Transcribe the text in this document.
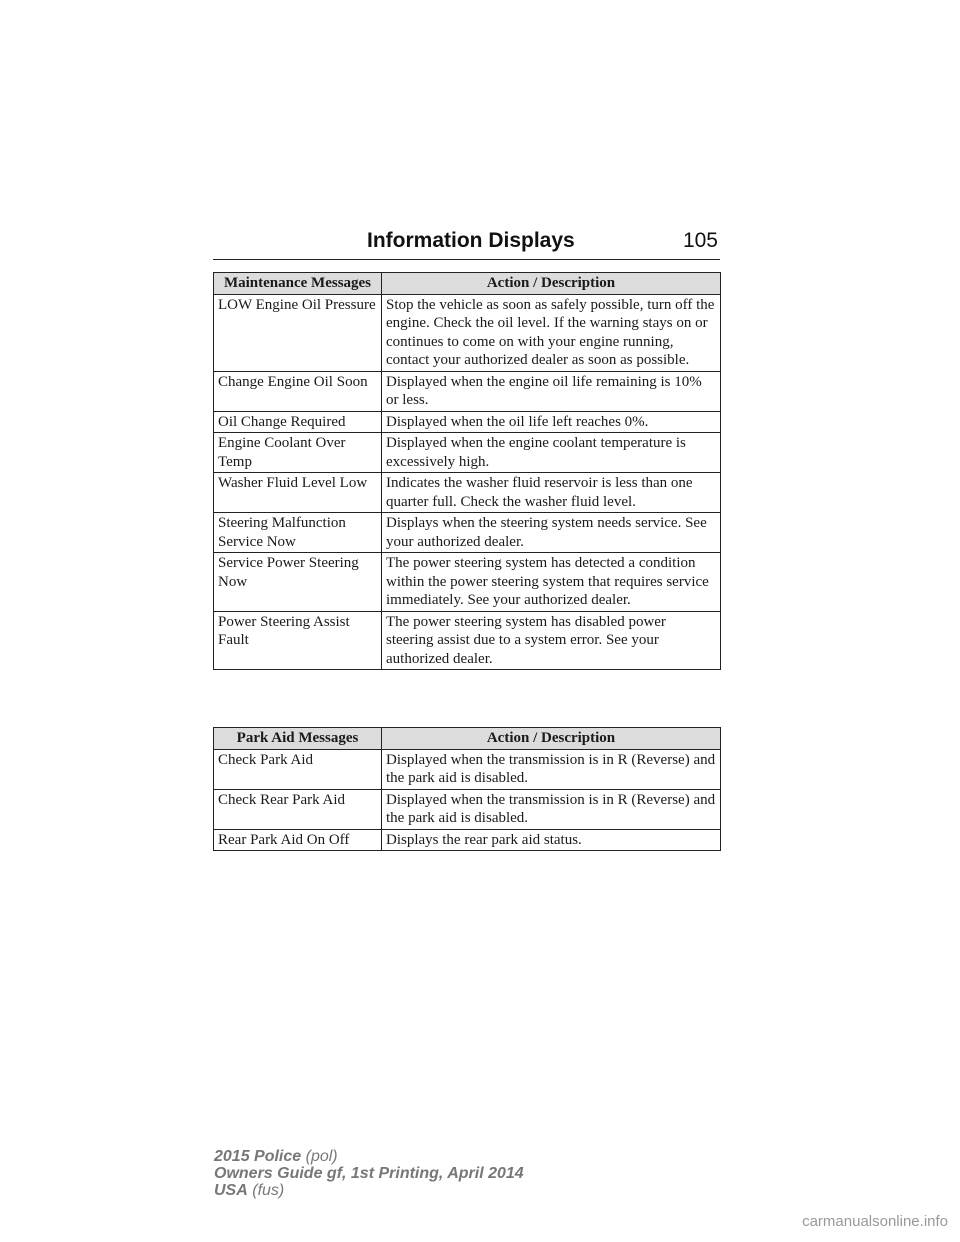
Information Displays	105
Maintenance Messages	Action / Description
LOW Engine Oil Pressure	Stop the vehicle as soon as safely possible, turn off the engine. Check the oil level. If the warning stays on or continues to come on with your engine running, contact your authorized dealer as soon as possible.
Change Engine Oil Soon	Displayed when the engine oil life remaining is 10% or less.
Oil Change Required	Displayed when the oil life left reaches 0%.
Engine Coolant Over Temp	Displayed when the engine coolant temperature is excessively high.
Washer Fluid Level Low	Indicates the washer fluid reservoir is less than one quarter full. Check the washer fluid level.
Steering Malfunction Service Now	Displays when the steering system needs service. See your authorized dealer.
Service Power Steering Now	The power steering system has detected a condition within the power steering system that requires service immediately. See your authorized dealer.
Power Steering Assist Fault	The power steering system has disabled power steering assist due to a system error. See your authorized dealer.
Park Aid Messages	Action / Description
Check Park Aid	Displayed when the transmission is in R (Reverse) and the park aid is disabled.
Check Rear Park Aid	Displayed when the transmission is in R (Reverse) and the park aid is disabled.
Rear Park Aid On Off	Displays the rear park aid status.
2015 Police (pol)
Owners Guide gf, 1st Printing, April 2014
USA (fus)
carmanualsonline.info
